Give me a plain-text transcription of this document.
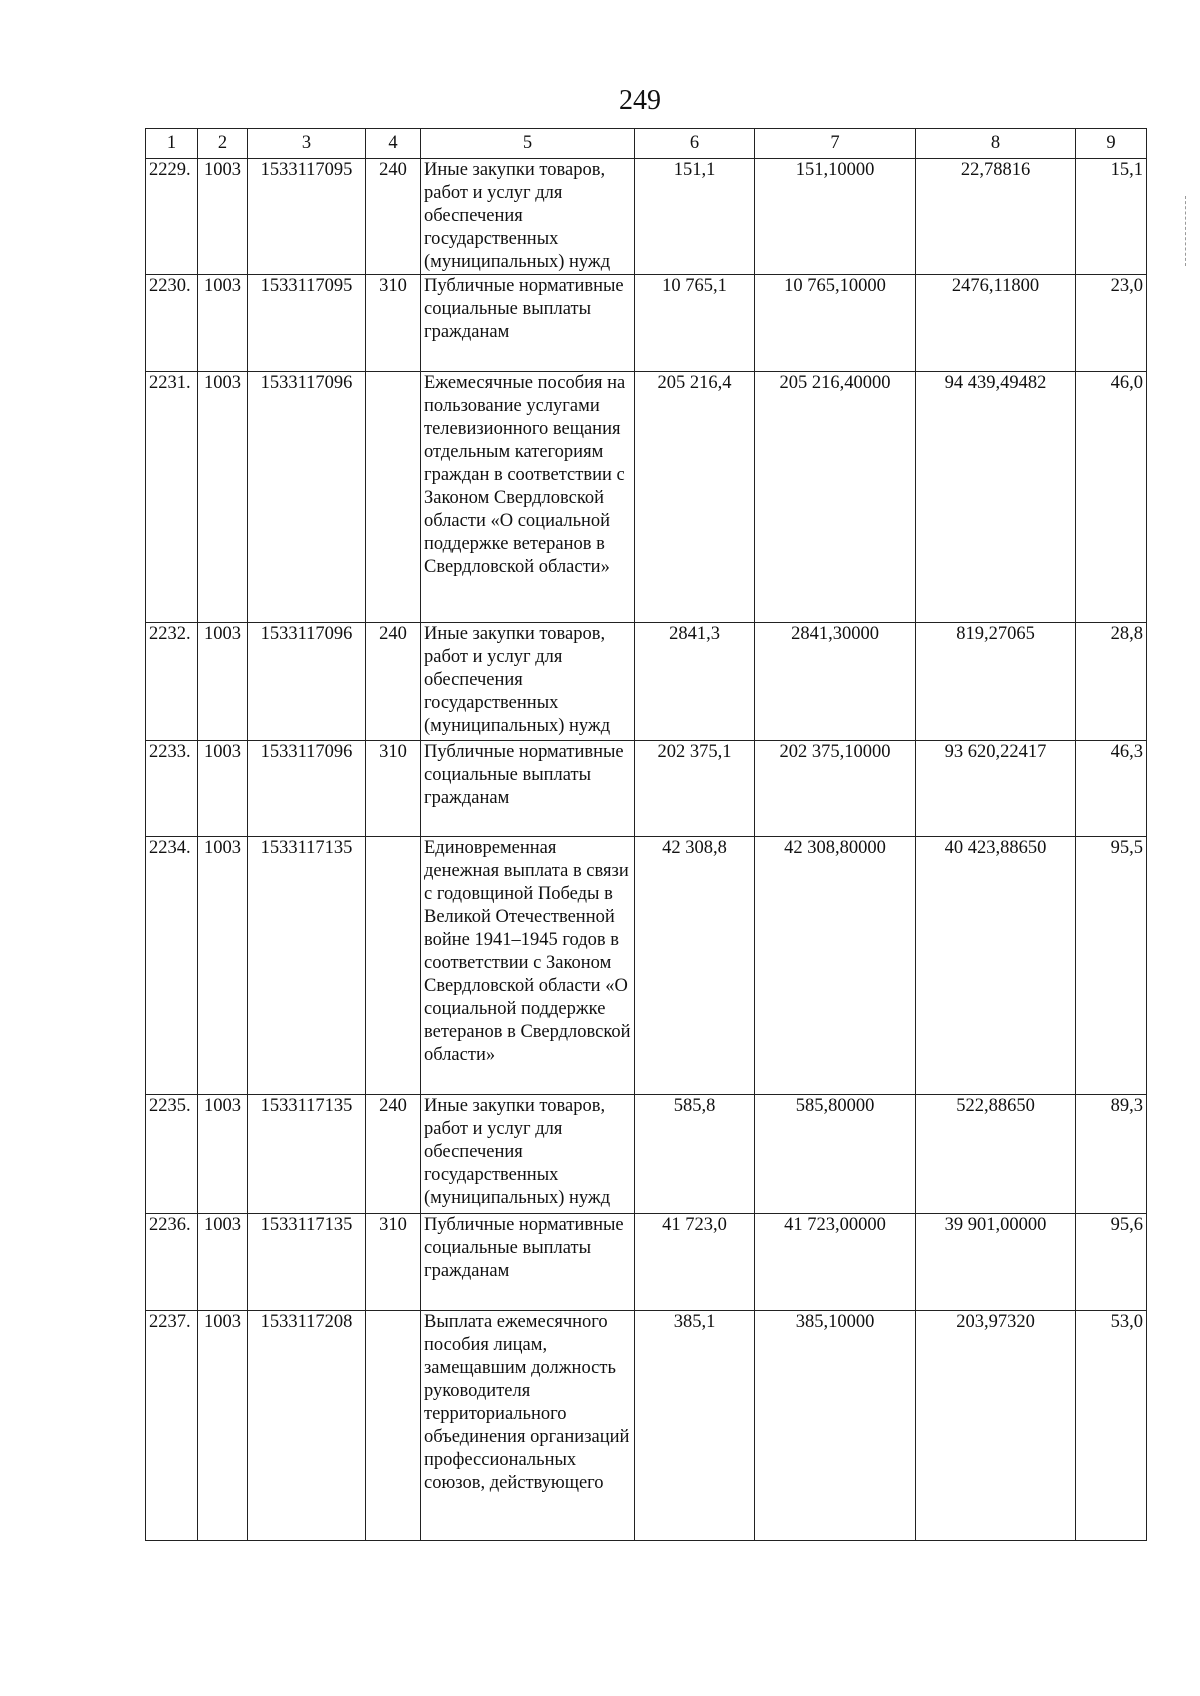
249
1	2	3	4	5	6	7	8	9
2229.	1003	1533117095	240	Иные закупки товаров, работ и услуг для обеспечения государственных (муниципальных) нужд	151,1	151,10000	22,78816	15,1
2230.	1003	1533117095	310	Публичные нормативные социальные выплаты гражданам	10 765,1	10 765,10000	2476,11800	23,0
2231.	1003	1533117096		Ежемесячные пособия на пользование услугами телевизионного вещания отдельным категориям граждан в соответствии с Законом Свердловской области «О социальной поддержке ветеранов в Свердловской области»	205 216,4	205 216,40000	94 439,49482	46,0
2232.	1003	1533117096	240	Иные закупки товаров, работ и услуг для обеспечения государственных (муниципальных) нужд	2841,3	2841,30000	819,27065	28,8
2233.	1003	1533117096	310	Публичные нормативные социальные выплаты гражданам	202 375,1	202 375,10000	93 620,22417	46,3
2234.	1003	1533117135		Единовременная денежная выплата в связи с годовщиной Победы в Великой Отечественной войне 1941–1945 годов в соответствии с Законом Свердловской области «О социальной поддержке ветеранов в Свердловской области»	42 308,8	42 308,80000	40 423,88650	95,5
2235.	1003	1533117135	240	Иные закупки товаров, работ и услуг для обеспечения государственных (муниципальных) нужд	585,8	585,80000	522,88650	89,3
2236.	1003	1533117135	310	Публичные нормативные социальные выплаты гражданам	41 723,0	41 723,00000	39 901,00000	95,6
2237.	1003	1533117208		Выплата ежемесячного пособия лицам, замещавшим должность руководителя территориального объединения организаций профессиональных союзов, действующего	385,1	385,10000	203,97320	53,0
